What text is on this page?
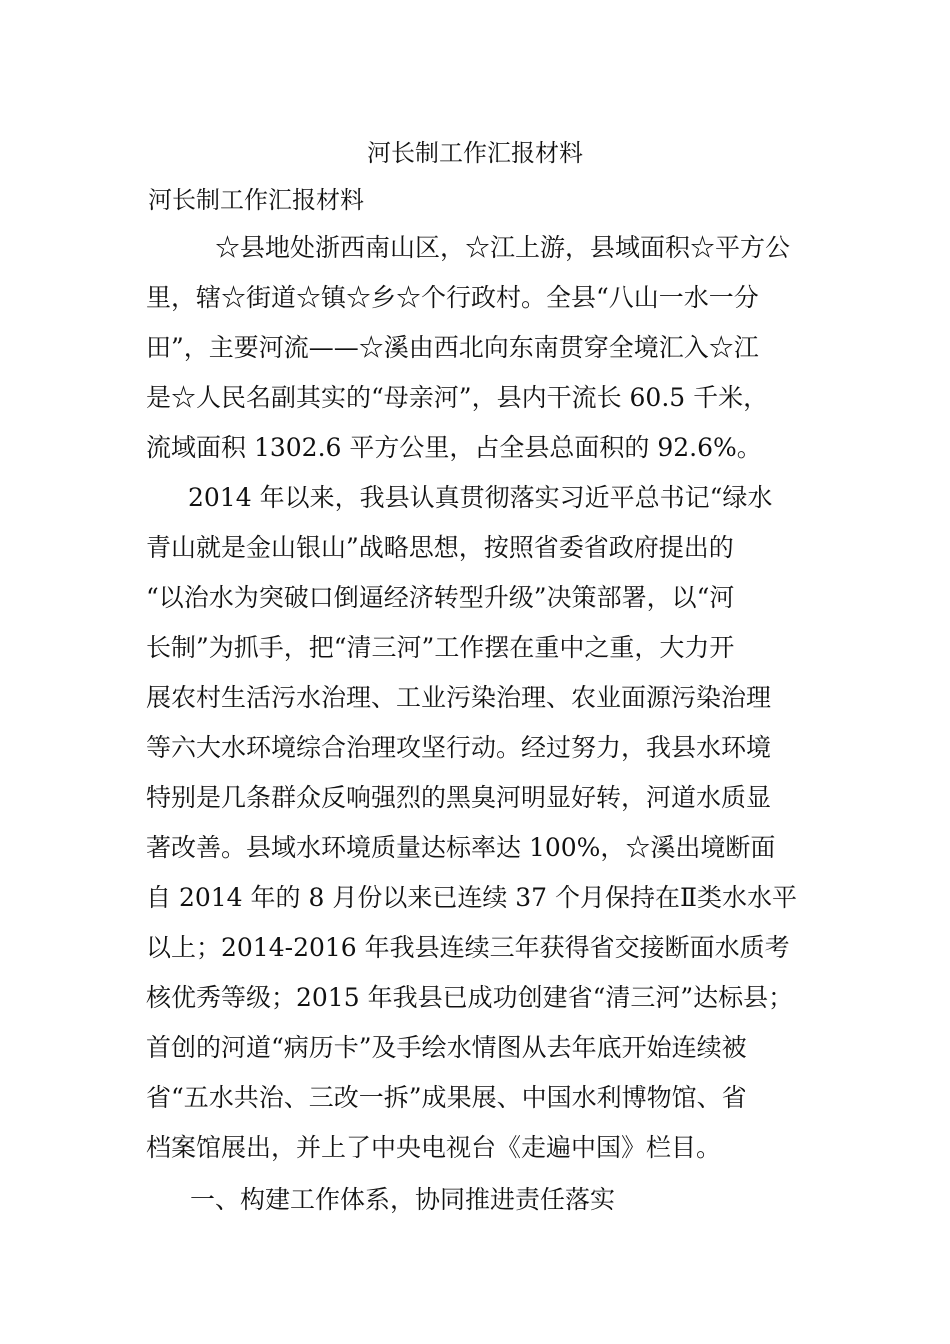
河长制工作汇报材料

河长制工作汇报材料

☆县地处浙西南山区，☆江上游，县域面积☆平方公

里，辖☆街道☆镇☆乡☆个行政村。全县“八山一水一分

田”，主要河流——☆溪由西北向东南贯穿全境汇入☆江

是☆人民名副其实的“母亲河”，县内干流长 60.5 千米，

流域面积 1302.6 平方公里，占全县总面积的 92.6%。

2014 年以来，我县认真贯彻落实习近平总书记“绿水

青山就是金山银山”战略思想，按照省委省政府提出的

“以治水为突破口倒逼经济转型升级”决策部署，以“河

长制”为抓手，把“清三河”工作摆在重中之重，大力开

展农村生活污水治理、工业污染治理、农业面源污染治理

等六大水环境综合治理攻坚行动。经过努力，我县水环境

特别是几条群众反响强烈的黑臭河明显好转，河道水质显

著改善。县域水环境质量达标率达 100%，☆溪出境断面

自 2014 年的 8 月份以来已连续 37 个月保持在Ⅱ类水水平

以上；2014-2016 年我县连续三年获得省交接断面水质考

核优秀等级；2015 年我县已成功创建省“清三河”达标县；

首创的河道“病历卡”及手绘水情图从去年底开始连续被

省“五水共治、三改一拆”成果展、中国水利博物馆、省

档案馆展出，并上了中央电视台《走遍中国》栏目。

一、构建工作体系，协同推进责任落实
